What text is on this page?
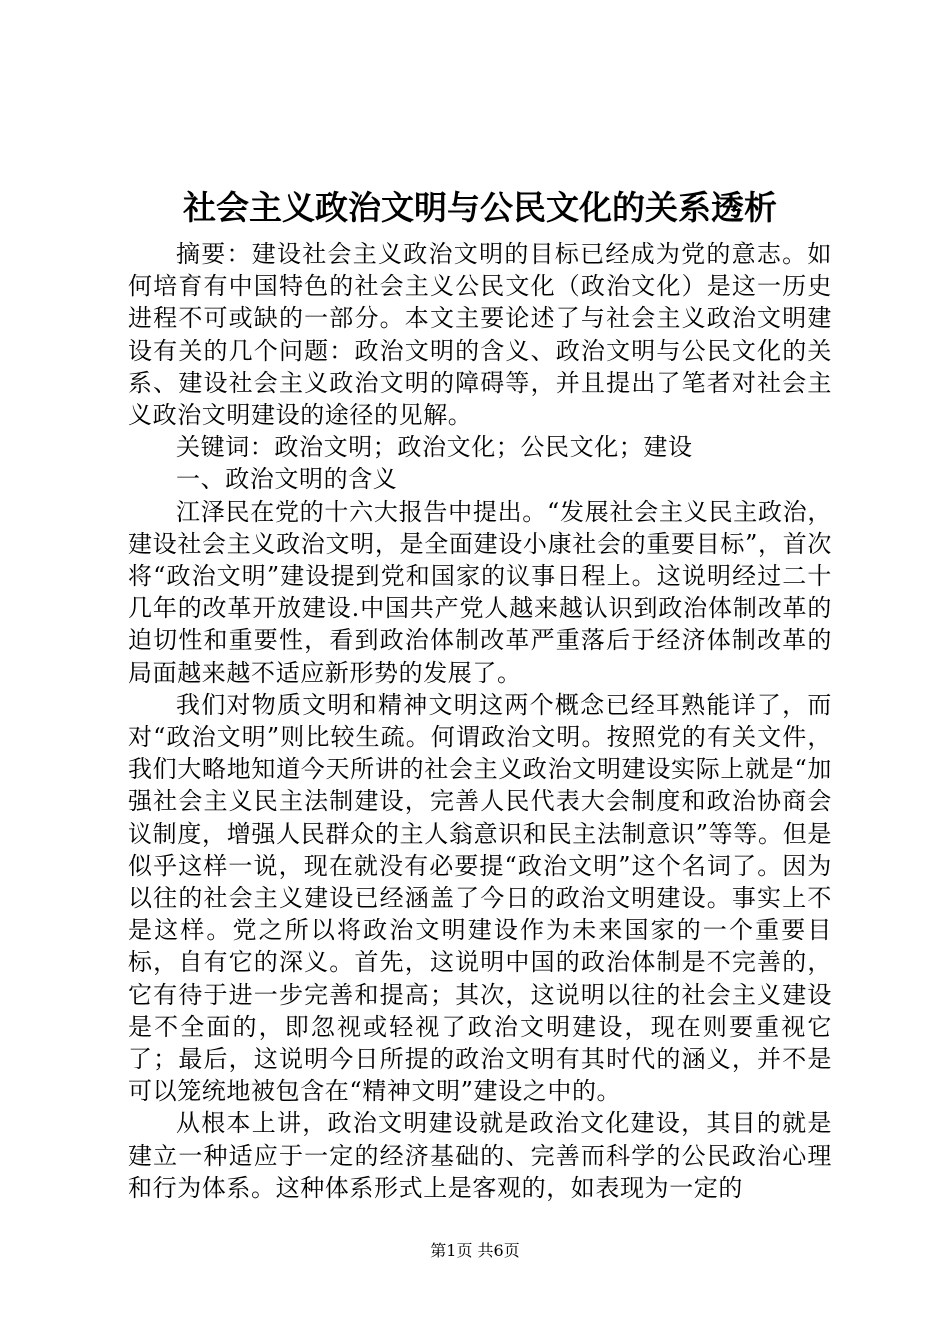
社会主义政治文明与公民文化的关系透析

摘要：建设社会主义政治文明的目标已经成为党的意志。如何培育有中国特色的社会主义公民文化（政治文化）是这一历史进程不可或缺的一部分。本文主要论述了与社会主义政治文明建设有关的几个问题：政治文明的含义、政治文明与公民文化的关系、建设社会主义政治文明的障碍等，并且提出了笔者对社会主义政治文明建设的途径的见解。

关键词：政治文明；政治文化；公民文化；建设

一、政治文明的含义

江泽民在党的十六大报告中提出。“发展社会主义民主政治，建设社会主义政治文明，是全面建设小康社会的重要目标”，首次将“政治文明”建设提到党和国家的议事日程上。这说明经过二十几年的改革开放建设.中国共产党人越来越认识到政治体制改革的迫切性和重要性，看到政治体制改革严重落后于经济体制改革的局面越来越不适应新形势的发展了。

我们对物质文明和精神文明这两个概念已经耳熟能详了，而对“政治文明”则比较生疏。何谓政治文明。按照党的有关文件，我们大略地知道今天所讲的社会主义政治文明建设实际上就是“加强社会主义民主法制建设，完善人民代表大会制度和政治协商会议制度，增强人民群众的主人翁意识和民主法制意识”等等。但是似乎这样一说，现在就没有必要提“政治文明”这个名词了。因为以往的社会主义建设已经涵盖了今日的政治文明建设。事实上不是这样。党之所以将政治文明建设作为未来国家的一个重要目标，自有它的深义。首先，这说明中国的政治体制是不完善的，它有待于进一步完善和提高；其次，这说明以往的社会主义建设是不全面的，即忽视或轻视了政治文明建设，现在则要重视它了；最后，这说明今日所提的政治文明有其时代的涵义，并不是可以笼统地被包含在“精神文明”建设之中的。

从根本上讲，政治文明建设就是政治文化建设，其目的就是建立一种适应于一定的经济基础的、完善而科学的公民政治心理和行为体系。这种体系形式上是客观的，如表现为一定的

第1页 共6页
